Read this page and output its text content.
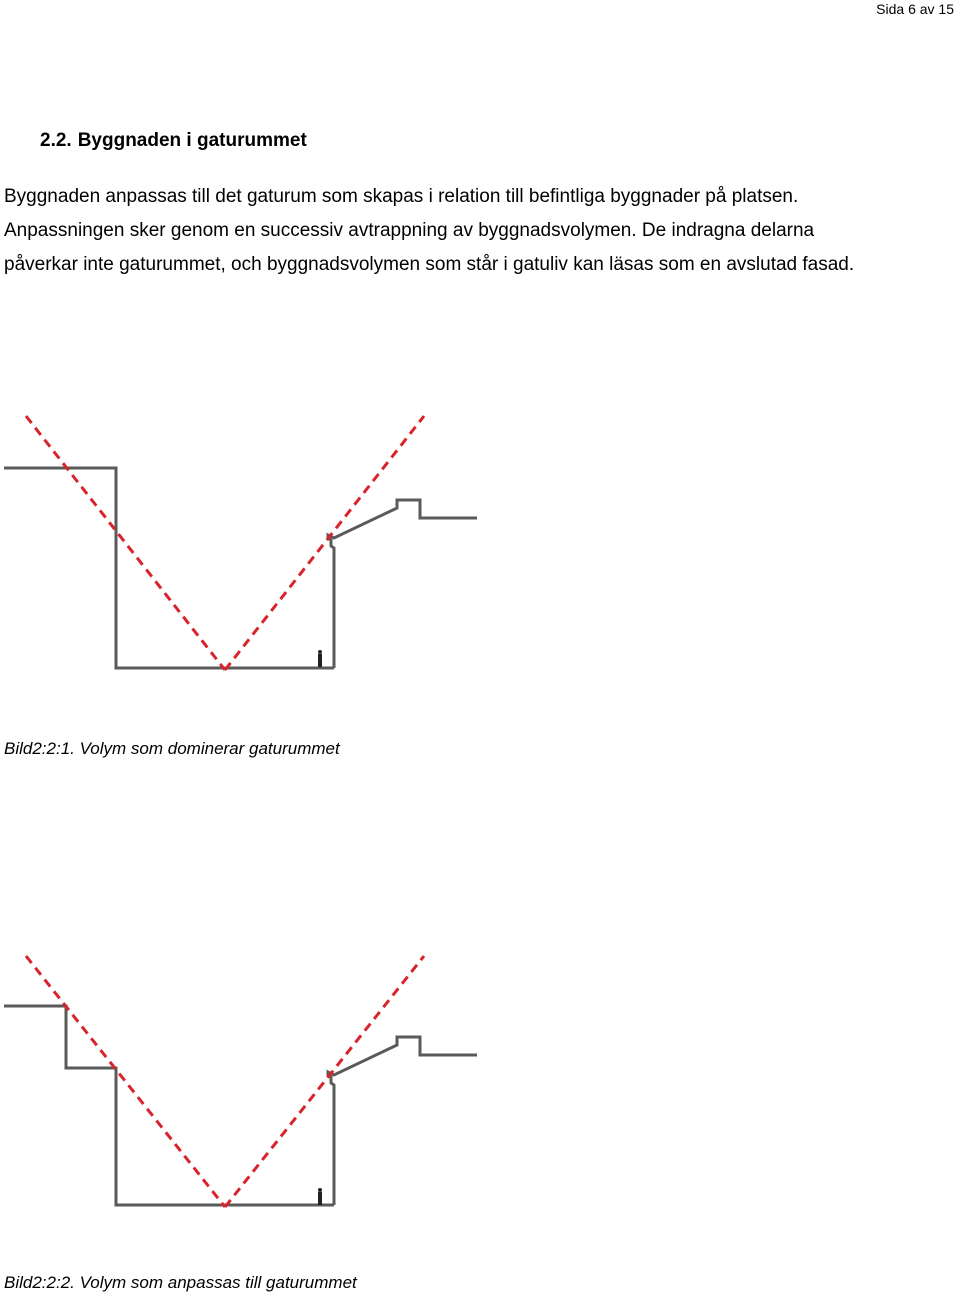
Sida 6 av 15
2.2. Byggnaden i gaturummet

Byggnaden anpassas till det gaturum som skapas i relation till befintliga byggnader på platsen.
Anpassningen sker genom en successiv avtrappning av byggnadsvolymen. De indragna delarna
påverkar inte gaturummet, och byggnadsvolymen som står i gatuliv kan läsas som en avslutad fasad.

Bild2:2:1. Volym som dominerar gaturummet
Bild2:2:2. Volym som anpassas till gaturummet
